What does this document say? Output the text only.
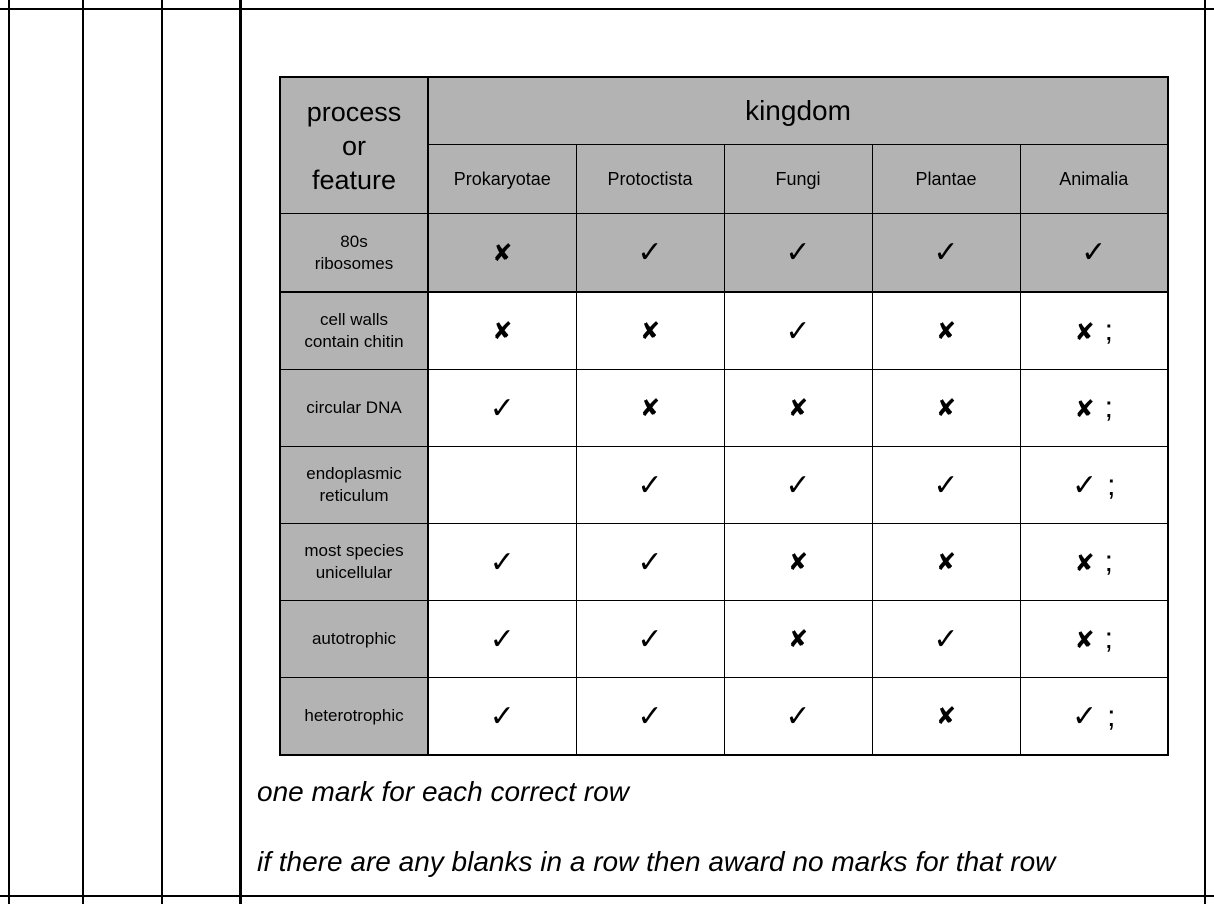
process
or
feature	kingdom				
	Prokaryotae	Protoctista	Fungi	Plantae	Animalia

80s
ribosomes	✘	✓	✓	✓	✓

cell walls
contain chitin	✘	✘	✓	✘	✘ ;

circular DNA	✓	✘	✘	✘	✘ ;

endoplasmic
reticulum		✓	✓	✓	✓ ;

most species
unicellular	✓	✓	✘	✘	✘ ;

autotrophic	✓	✓	✘	✓	✘ ;

heterotrophic	✓	✓	✓	✘	✓ ;
one mark for each correct row
if there are any blanks in a row then award no marks for that row
